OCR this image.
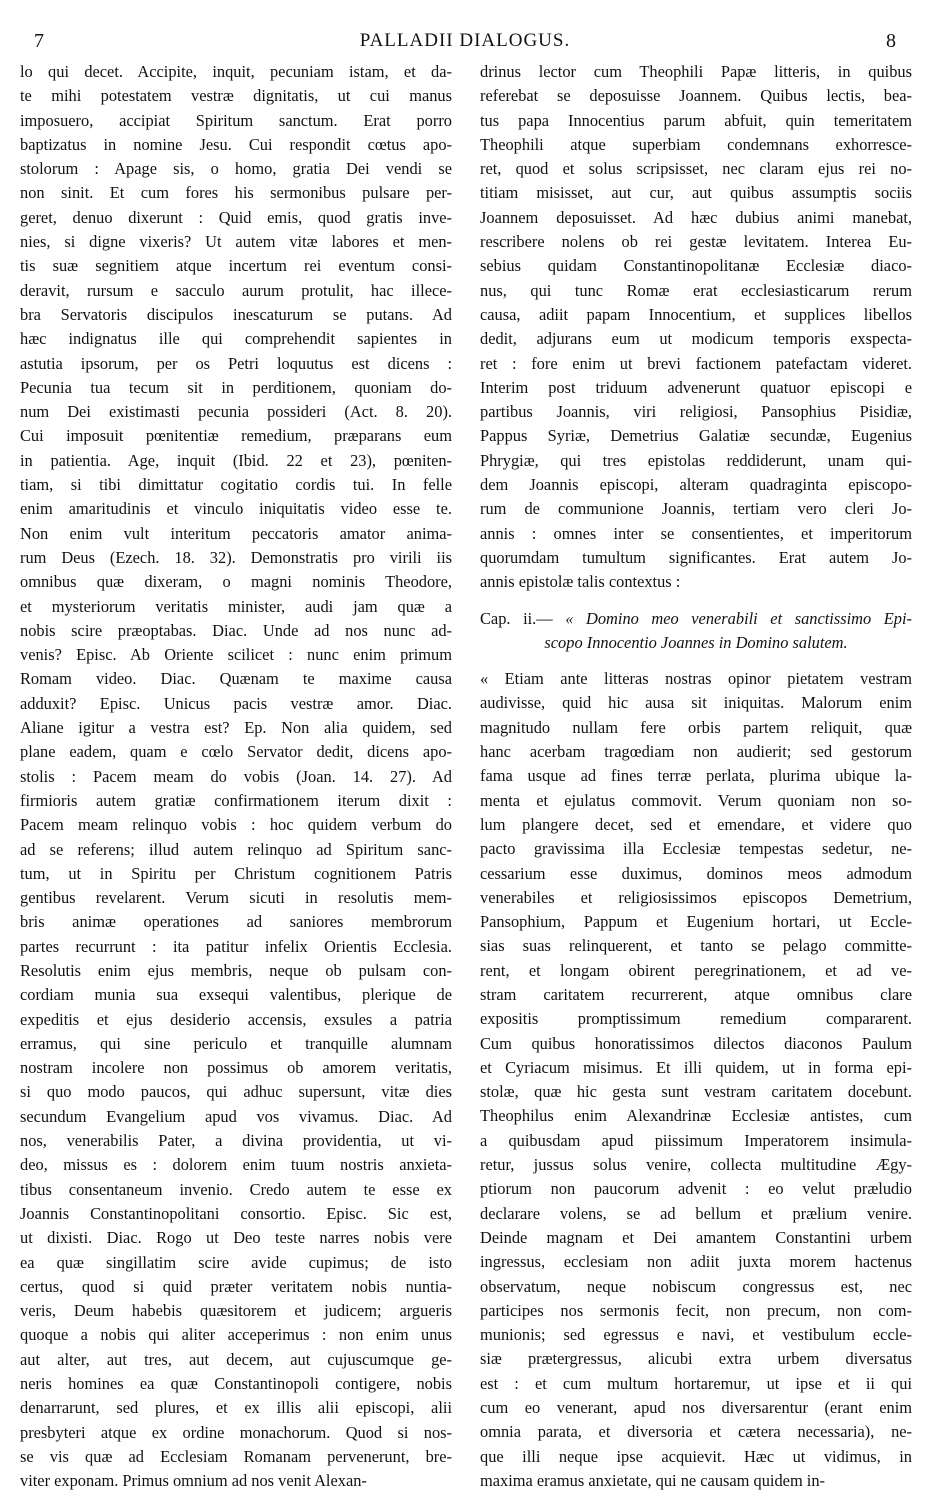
7	PALLADII DIALOGUS.	8
lo qui decet. Accipite, inquit, pecuniam istam, et da-
te mihi potestatem vestræ dignitatis, ut cui manus
imposuero, accipiat Spiritum sanctum. Erat porro
baptizatus in nomine Jesu. Cui respondit cœtus apo-
stolorum : Apage sis, o homo, gratia Dei vendi se
non sinit. Et cum fores his sermonibus pulsare per-
geret, denuo dixerunt : Quid emis, quod gratis inve-
nies, si digne vixeris? Ut autem vitæ labores et men-
tis suæ segnitiem atque incertum rei eventum consi-
deravit, rursum e sacculo aurum protulit, hac illece-
bra Servatoris discipulos inescaturum se putans. Ad
hæc indignatus ille qui comprehendit sapientes in
astutia ipsorum, per os Petri loquutus est dicens :
Pecunia tua tecum sit in perditionem, quoniam do-
num Dei existimasti pecunia possideri (Act. 8. 20).
Cui imposuit pœnitentiæ remedium, præparans eum
in patientia. Age, inquit (Ibid. 22 et 23), pœniten-
tiam, si tibi dimittatur cogitatio cordis tui. In felle
enim amaritudinis et vinculo iniquitatis video esse te.
Non enim vult interitum peccatoris amator anima-
rum Deus (Ezech. 18. 32). Demonstratis pro virili iis
omnibus quæ dixeram, o magni nominis Theodore,
et mysteriorum veritatis minister, audi jam quæ a
nobis scire præoptabas. Diac. Unde ad nos nunc ad-
venis? Episc. Ab Oriente scilicet : nunc enim primum
Romam video. Diac. Quænam te maxime causa
adduxit? Episc. Unicus pacis vestræ amor. Diac.
Aliane igitur a vestra est? Ep. Non alia quidem, sed
plane eadem, quam e cœlo Servator dedit, dicens apo-
stolis : Pacem meam do vobis (Joan. 14. 27). Ad
firmioris autem gratiæ confirmationem iterum dixit :
Pacem meam relinquo vobis : hoc quidem verbum do
ad se referens; illud autem relinquo ad Spiritum sanc-
tum, ut in Spiritu per Christum cognitionem Patris
gentibus revelarent. Verum sicuti in resolutis mem-
bris animæ operationes ad saniores membrorum
partes recurrunt : ita patitur infelix Orientis Ecclesia.
Resolutis enim ejus membris, neque ob pulsam con-
cordiam munia sua exsequi valentibus, plerique de
expeditis et ejus desiderio accensis, exsules a patria
erramus, qui sine periculo et tranquille alumnam
nostram incolere non possimus ob amorem veritatis,
si quo modo paucos, qui adhuc supersunt, vitæ dies
secundum Evangelium apud vos vivamus. Diac. Ad
nos, venerabilis Pater, a divina providentia, ut vi-
deo, missus es : dolorem enim tuum nostris anxieta-
tibus consentaneum invenio. Credo autem te esse ex
Joannis Constantinopolitani consortio. Episc. Sic est,
ut dixisti. Diac. Rogo ut Deo teste narres nobis vere
ea quæ singillatim scire avide cupimus; de isto
certus, quod si quid præter veritatem nobis nuntia-
veris, Deum habebis quæsitorem et judicem; argueris
quoque a nobis qui aliter acceperimus : non enim unus
aut alter, aut tres, aut decem, aut cujuscumque ge-
neris homines ea quæ Constantinopoli contigere, nobis
denarrarunt, sed plures, et ex illis alii episcopi, alii
presbyteri atque ex ordine monachorum. Quod si nos-
se vis quæ ad Ecclesiam Romanam pervenerunt, bre-
viter exponam. Primus omnium ad nos venit Alexan-
drinus lector cum Theophili Papæ litteris, in quibus
referebat se deposuisse Joannem. Quibus lectis, bea-
tus papa Innocentius parum abfuit, quin temeritatem
Theophili atque superbiam condemnans exhorresce-
ret, quod et solus scripsisset, nec claram ejus rei no-
titiam misisset, aut cur, aut quibus assumptis sociis
Joannem deposuisset. Ad hæc dubius animi manebat,
rescribere nolens ob rei gestæ levitatem. Interea Eu-
sebius quidam Constantinopolitanæ Ecclesiæ diaco-
nus, qui tunc Romæ erat ecclesiasticarum rerum
causa, adiit papam Innocentium, et supplices libellos
dedit, adjurans eum ut modicum temporis exspecta-
ret : fore enim ut brevi factionem patefactam videret.
Interim post triduum advenerunt quatuor episcopi e
partibus Joannis, viri religiosi, Pansophius Pisidiæ,
Pappus Syriæ, Demetrius Galatiæ secundæ, Eugenius
Phrygiæ, qui tres epistolas reddiderunt, unam qui-
dem Joannis episcopi, alteram quadraginta episcopo-
rum de communione Joannis, tertiam vero cleri Jo-
annis : omnes inter se consentientes, et imperitorum
quorumdam tumultum significantes. Erat autem Jo-
annis epistolæ talis contextus :
Cap. ii.— « Domino meo venerabili et sanctissimo Epi-
scopo Innocentio Joannes in Domino salutem.
« Etiam ante litteras nostras opinor pietatem vestram
audivisse, quid hic ausa sit iniquitas. Malorum enim
magnitudo nullam fere orbis partem reliquit, quæ
hanc acerbam tragœdiam non audierit; sed gestorum
fama usque ad fines terræ perlata, plurima ubique la-
menta et ejulatus commovit. Verum quoniam non so-
lum plangere decet, sed et emendare, et videre quo
pacto gravissima illa Ecclesiæ tempestas sedetur, ne-
cessarium esse duximus, dominos meos admodum
venerabiles et religiosissimos episcopos Demetrium,
Pansophium, Pappum et Eugenium hortari, ut Eccle-
sias suas relinquerent, et tanto se pelago committe-
rent, et longam obirent peregrinationem, et ad ve-
stram caritatem recurrerent, atque omnibus clare
expositis promptissimum remedium compararent.
Cum quibus honoratissimos dilectos diaconos Paulum
et Cyriacum misimus. Et illi quidem, ut in forma epi-
stolæ, quæ hic gesta sunt vestram caritatem docebunt.
Theophilus enim Alexandrinæ Ecclesiæ antistes, cum
a quibusdam apud piissimum Imperatorem insimula-
retur, jussus solus venire, collecta multitudine Ægy-
ptiorum non paucorum advenit : eo velut præludio
declarare volens, se ad bellum et prælium venire.
Deinde magnam et Dei amantem Constantini urbem
ingressus, ecclesiam non adiit juxta morem hactenus
observatum, neque nobiscum congressus est, nec
participes nos sermonis fecit, non precum, non com-
munionis; sed egressus e navi, et vestibulum eccle-
siæ prætergressus, alicubi extra urbem diversatus
est : et cum multum hortaremur, ut ipse et ii qui
cum eo venerant, apud nos diversarentur (erant enim
omnia parata, et diversoria et cætera necessaria), ne-
que illi neque ipse acquievit. Hæc ut vidimus, in
maxima eramus anxietate, qui ne causam quidem in-
